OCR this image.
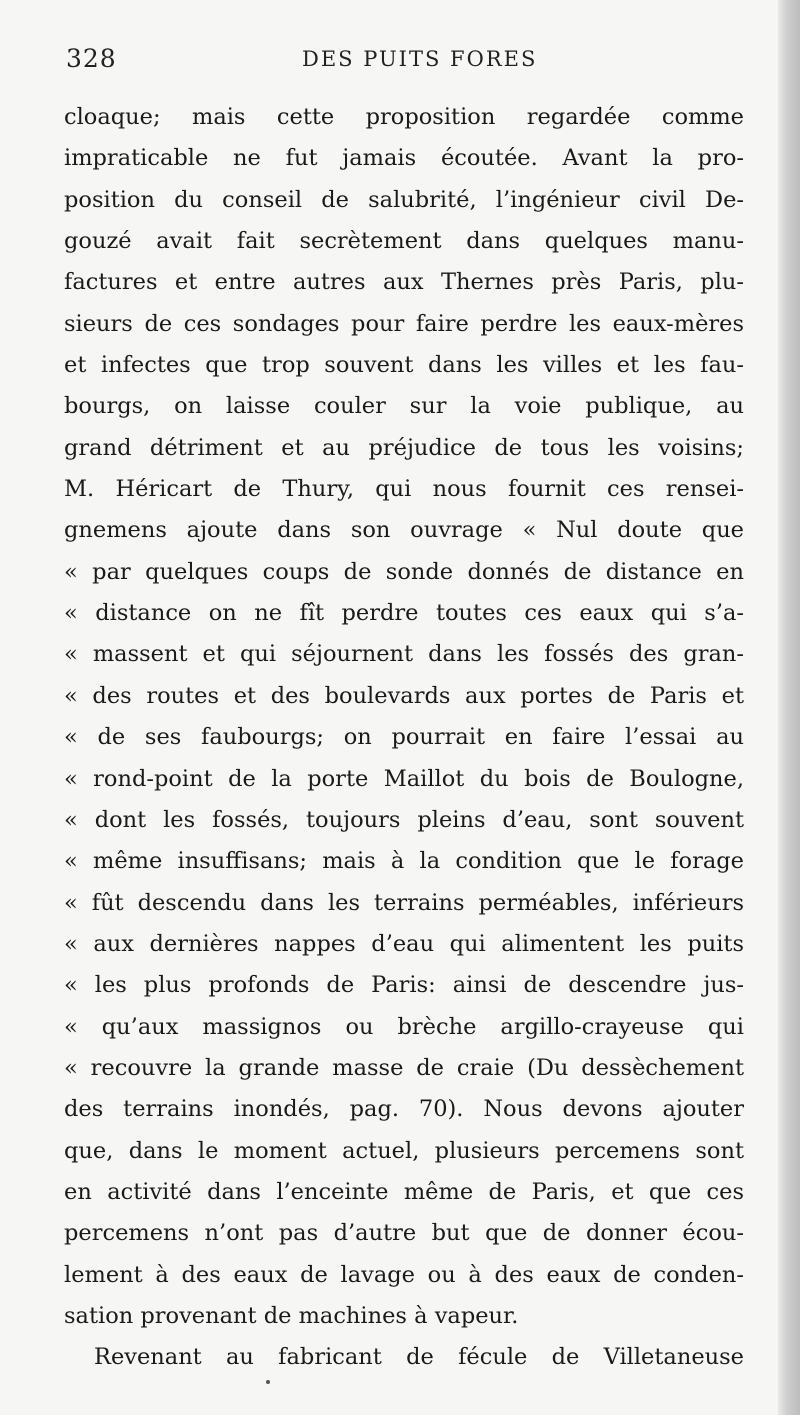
328	DES PUITS FORES
cloaque; mais cette proposition regardée comme
impraticable ne fut jamais écoutée. Avant la pro-
position du conseil de salubrité, l’ingénieur civil De-
gouzé avait fait secrètement dans quelques manu-
factures et entre autres aux Thernes près Paris, plu-
sieurs de ces sondages pour faire perdre les eaux-mères
et infectes que trop souvent dans les villes et les fau-
bourgs, on laisse couler sur la voie publique, au
grand détriment et au préjudice de tous les voisins;
M. Héricart de Thury, qui nous fournit ces rensei-
gnemens ajoute dans son ouvrage « Nul doute que
« par quelques coups de sonde donnés de distance en
« distance on ne fît perdre toutes ces eaux qui s’a-
« massent et qui séjournent dans les fossés des gran-
« des routes et des boulevards aux portes de Paris et
« de ses faubourgs; on pourrait en faire l’essai au
« rond-point de la porte Maillot du bois de Boulogne,
« dont les fossés, toujours pleins d’eau, sont souvent
« même insuffisans; mais à la condition que le forage
« fût descendu dans les terrains perméables, inférieurs
« aux dernières nappes d’eau qui alimentent les puits
« les plus profonds de Paris: ainsi de descendre jus-
« qu’aux massignos ou brèche argillo-crayeuse qui
« recouvre la grande masse de craie (Du dessèchement
des terrains inondés, pag. 70). Nous devons ajouter
que, dans le moment actuel, plusieurs percemens sont
en activité dans l’enceinte même de Paris, et que ces
percemens n’ont pas d’autre but que de donner écou-
lement à des eaux de lavage ou à des eaux de conden-
sation provenant de machines à vapeur.
Revenant au fabricant de fécule de Villetaneuse
